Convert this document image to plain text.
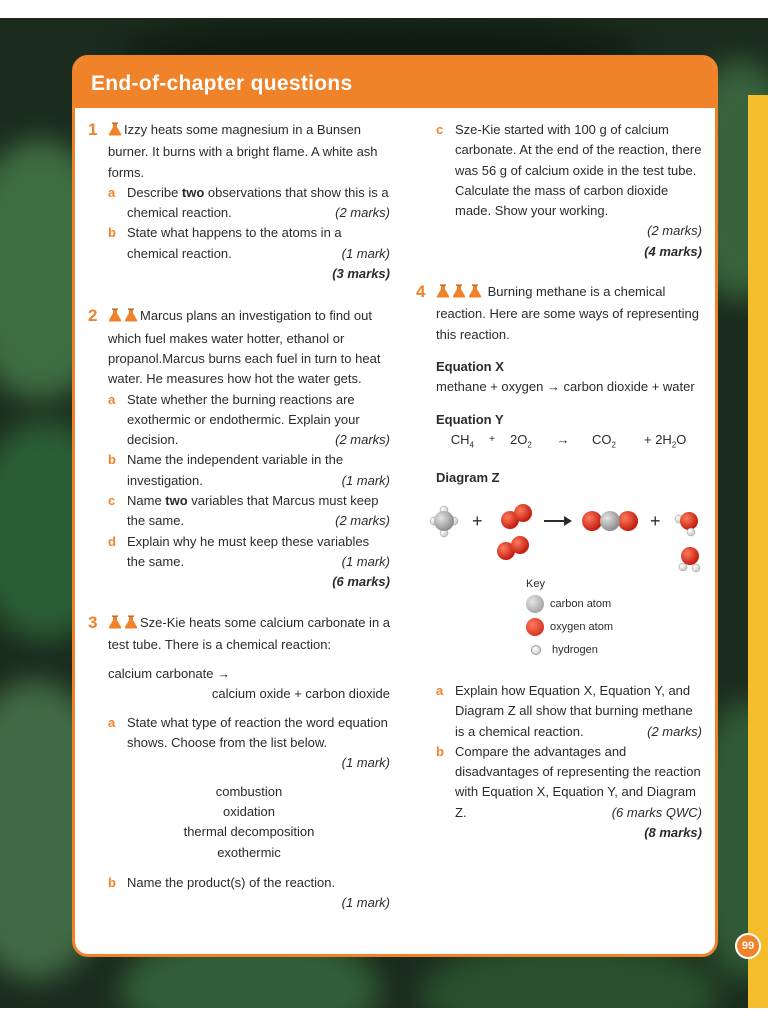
End-of-chapter questions
1 Izzy heats some magnesium in a Bunsen burner. It burns with a bright flame. A white ash forms.
a Describe two observations that show this is a chemical reaction.	(2 marks)
b State what happens to the atoms in a chemical reaction.	(1 mark)
(3 marks)
2	Marcus plans an investigation to find out which fuel makes water hotter, ethanol or propanol.Marcus burns each fuel in turn to heat water. He measures how hot the water gets.
a State whether the burning reactions are exothermic or endothermic. Explain your decision.	(2 marks)
b Name the independent variable in the investigation.	(1 mark)
c Name two variables that Marcus must keep the same.	(2 marks)
d Explain why he must keep these variables the same.	(1 mark)
(6 marks)
3	Sze-Kie heats some calcium carbonate in a test tube. There is a chemical reaction:
calcium carbonate →
calcium oxide + carbon dioxide
a State what type of reaction the word equation shows. Choose from the list below.
(1 mark)
combustion
oxidation
thermal decomposition
exothermic
b Name the product(s) of the reaction.
(1 mark)
c Sze-Kie started with 100 g of calcium carbonate. At the end of the reaction, there was 56 g of calcium oxide in the test tube. Calculate the mass of carbon dioxide made. Show your working.
(2 marks)
(4 marks)
4	Burning methane is a chemical reaction. Here are some ways of representing this reaction.
Equation X
methane + oxygen → carbon dioxide + water
Equation Y
$CH_4$
+	$2O_2$	→	$CO_2$	+ $2H_2O$
Diagram Z
+	+
Key
carbon atom
oxygen atom
hydrogen
a Explain how Equation X, Equation Y, and Diagram Z all show that burning methane is a chemical reaction.	(2 marks)
b Compare the advantages and disadvantages of representing the reaction with Equation X, Equation Y, and Diagram Z.	(6 marks QWC)
(8 marks)
99
